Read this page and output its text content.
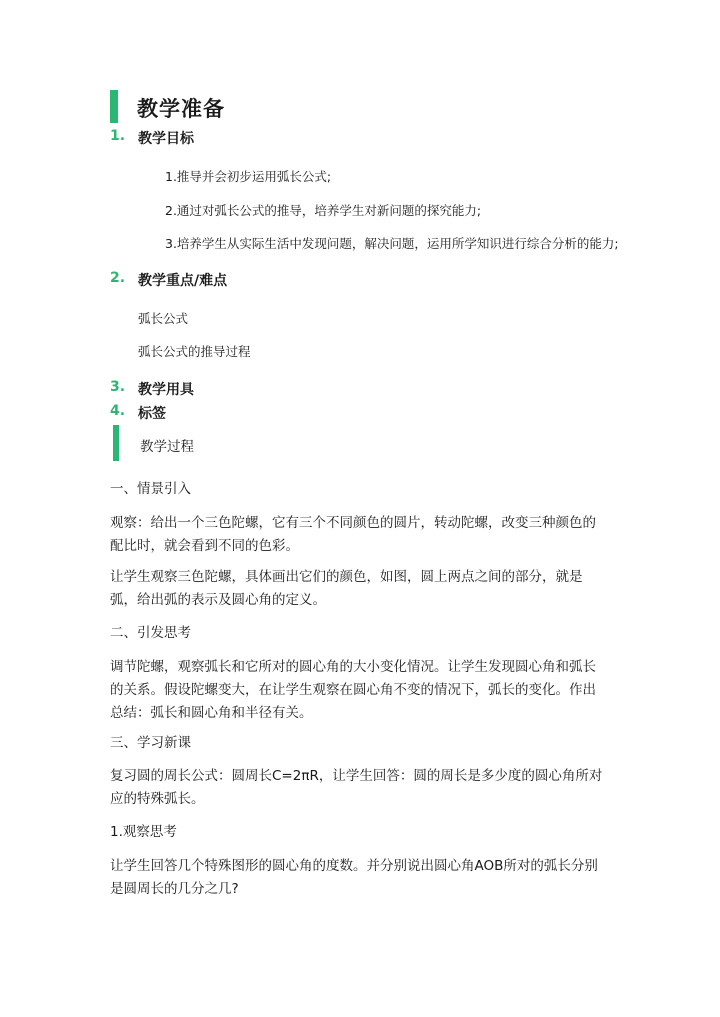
教学准备
1. 教学目标
1.推导并会初步运用弧长公式;
2.通过对弧长公式的推导，培养学生对新问题的探究能力;
3.培养学生从实际生活中发现问题，解决问题，运用所学知识进行综合分析的能力;
2. 教学重点/难点
弧长公式
弧长公式的推导过程
3. 教学用具
4. 标签
教学过程
一、情景引入
观察：给出一个三色陀螺，它有三个不同颜色的圆片，转动陀螺，改变三种颜色的配比时，就会看到不同的色彩。
让学生观察三色陀螺，具体画出它们的颜色，如图，圆上两点之间的部分，就是弧，给出弧的表示及圆心角的定义。
二、引发思考
调节陀螺，观察弧长和它所对的圆心角的大小变化情况。让学生发现圆心角和弧长的关系。假设陀螺变大，在让学生观察在圆心角不变的情况下，弧长的变化。作出总结：弧长和圆心角和半径有关。
三、学习新课
复习圆的周长公式：圆周长C=2πR，让学生回答：圆的周长是多少度的圆心角所对应的特殊弧长。
1.观察思考
让学生回答几个特殊图形的圆心角的度数。并分别说出圆心角AOB所对的弧长分别是圆周长的几分之几?
